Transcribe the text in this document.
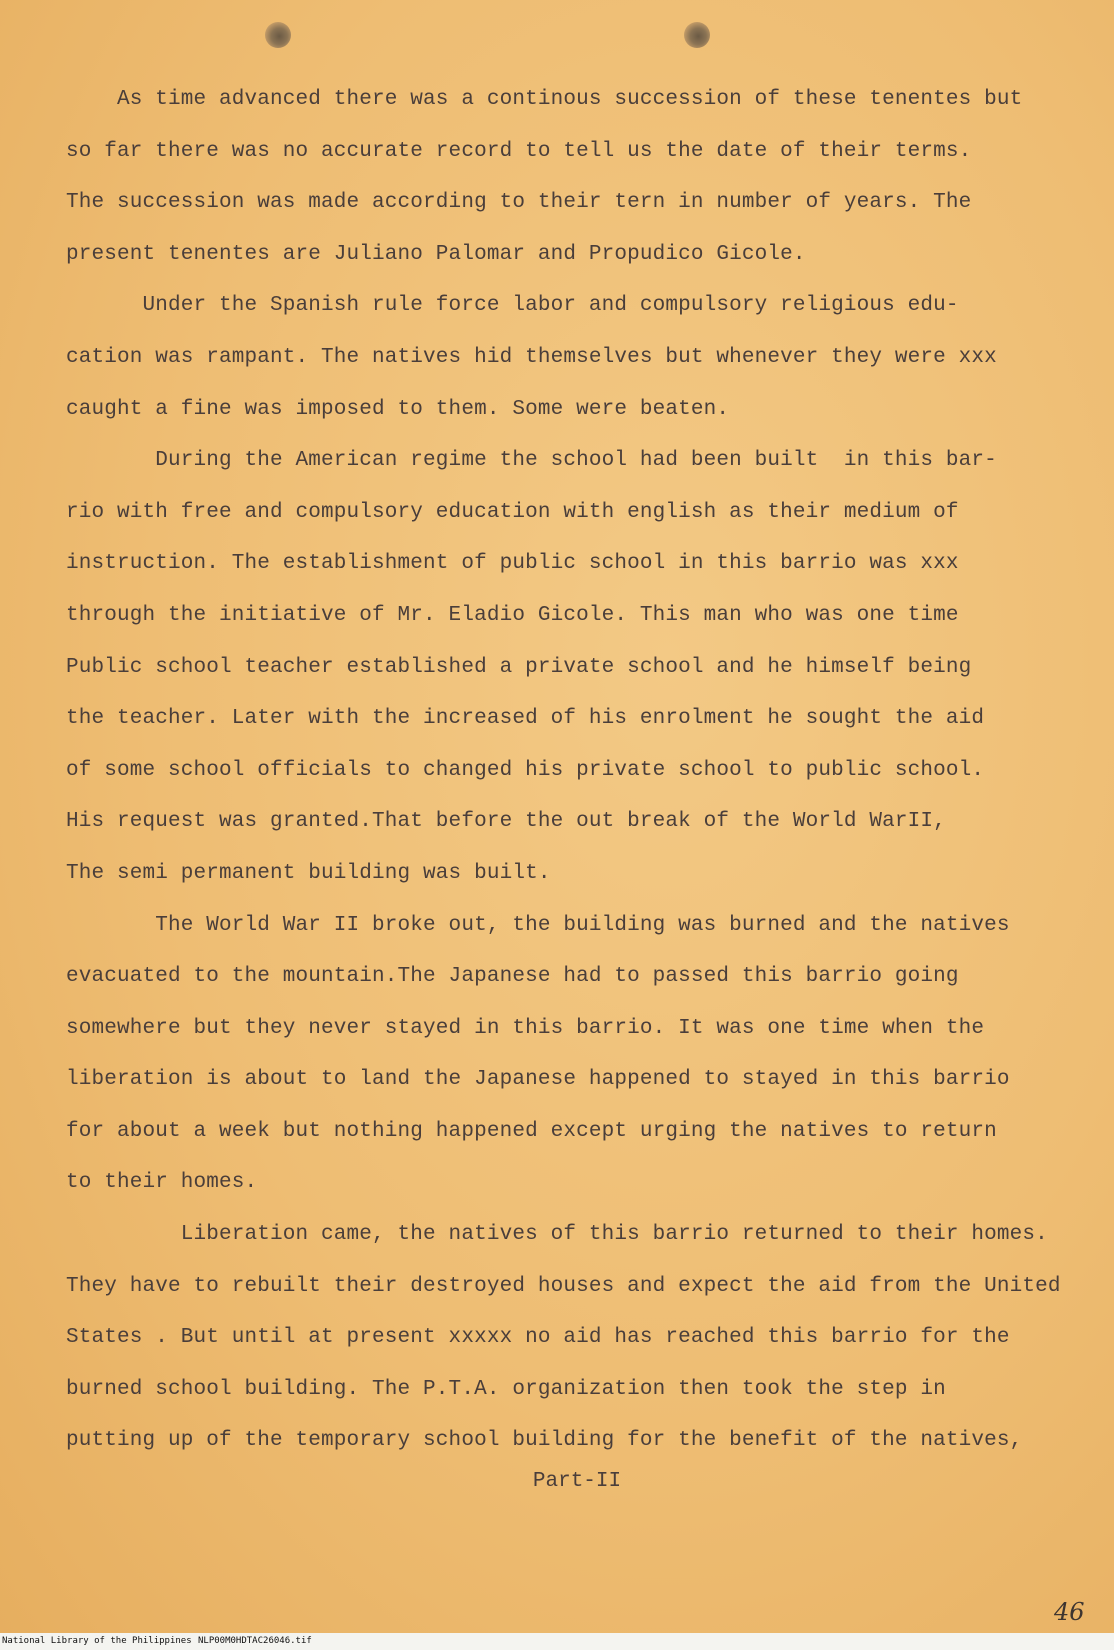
As time advanced there was a continous succession of these tenentes but
so far there was no accurate record to tell us the date of their terms.
The succession was made according to their tern in number of years. The
present tenentes are Juliano Palomar and Propudico Gicole.
Under the Spanish rule force labor and compulsory religious edu-
cation was rampant. The natives hid themselves but whenever they were xxx
caught a fine was imposed to them. Some were beaten.
During the American regime the school had been built  in this bar-
rio with free and compulsory education with english as their medium of
instruction. The establishment of public school in this barrio was xxx
through the initiative of Mr. Eladio Gicole. This man who was one time
Public school teacher established a private school and he himself being
the teacher. Later with the increased of his enrolment he sought the aid
of some school officials to changed his private school to public school.
His request was granted.That before the out break of the World WarII,
The semi permanent building was built.
The World War II broke out, the building was burned and the natives
evacuated to the mountain.The Japanese had to passed this barrio going
somewhere but they never stayed in this barrio. It was one time when the
liberation is about to land the Japanese happened to stayed in this barrio
for about a week but nothing happened except urging the natives to return
to their homes.
Liberation came, the natives of this barrio returned to their homes.
They have to rebuilt their destroyed houses and expect the aid from the United
States . But until at present xxxxx no aid has reached this barrio for the
burned school building. The P.T.A. organization then took the step in
putting up of the temporary school building for the benefit of the natives,
Part-II
46
National Library of the Philippines NLP00M0HDTAC26046.tif
